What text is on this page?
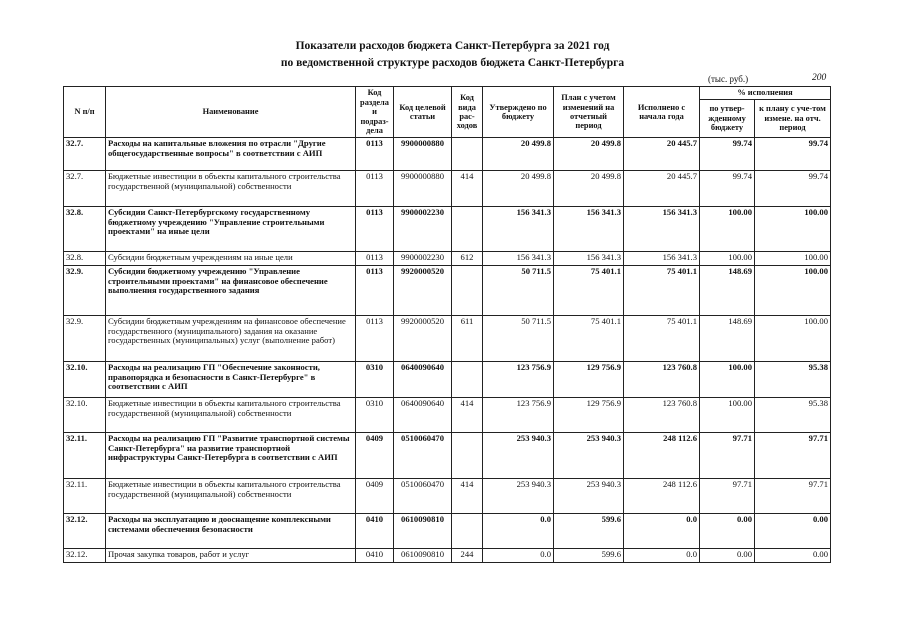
Показатели расходов бюджета Санкт-Петербурга за 2021 год
по ведомственной структуре расходов бюджета Санкт-Петербурга
(тыс. руб.)	200
N п/п	Наименование	Код раздела и подраз-дела	Код целевой статьи	Код вида рас-ходов	Утверждено по бюджету	План с учетом изменений на отчетный период	Исполнено с начала года	% исполнения	
								по утвер-жденному бюджету	к плану с уче-том измене. на отч. период
32.7.	Расходы на капитальные вложения по отрасли "Другие общегосударственные вопросы" в соответствии с АИП	0113	9900000880		20 499.8	20 499.8	20 445.7	99.74	99.74
32.7.	Бюджетные инвестиции в объекты капитального строительства государственной (муниципальной) собственности	0113	9900000880	414	20 499.8	20 499.8	20 445.7	99.74	99.74
32.8.	Субсидии Санкт-Петербургскому государственному бюджетному учреждению "Управление строительными проектами" на иные цели	0113	9900002230		156 341.3	156 341.3	156 341.3	100.00	100.00
32.8.	Субсидии бюджетным учреждениям на иные цели	0113	9900002230	612	156 341.3	156 341.3	156 341.3	100.00	100.00
32.9.	Субсидии бюджетному учреждению "Управление строительными проектами" на финансовое обеспечение выполнения государственного задания	0113	9920000520		50 711.5	75 401.1	75 401.1	148.69	100.00
32.9.	Субсидии бюджетным учреждениям на финансовое обеспечение государственного (муниципального) задания на оказание государственных (муниципальных) услуг (выполнение работ)	0113	9920000520	611	50 711.5	75 401.1	75 401.1	148.69	100.00
32.10.	Расходы на реализацию ГП "Обеспечение законности, правопорядка и безопасности в Санкт-Петербурге" в соответствии с АИП	0310	0640090640		123 756.9	129 756.9	123 760.8	100.00	95.38
32.10.	Бюджетные инвестиции в объекты капитального строительства государственной (муниципальной) собственности	0310	0640090640	414	123 756.9	129 756.9	123 760.8	100.00	95.38
32.11.	Расходы на реализацию ГП "Развитие транспортной системы Санкт-Петербурга" на развитие транспортной инфраструктуры Санкт-Петербурга в соответствии с АИП	0409	0510060470		253 940.3	253 940.3	248 112.6	97.71	97.71
32.11.	Бюджетные инвестиции в объекты капитального строительства государственной (муниципальной) собственности	0409	0510060470	414	253 940.3	253 940.3	248 112.6	97.71	97.71
32.12.	Расходы на эксплуатацию и дооснащение комплексными системами обеспечения безопасности	0410	0610090810		0.0	599.6	0.0	0.00	0.00
32.12.	Прочая закупка товаров, работ и услуг	0410	0610090810	244	0.0	599.6	0.0	0.00	0.00
